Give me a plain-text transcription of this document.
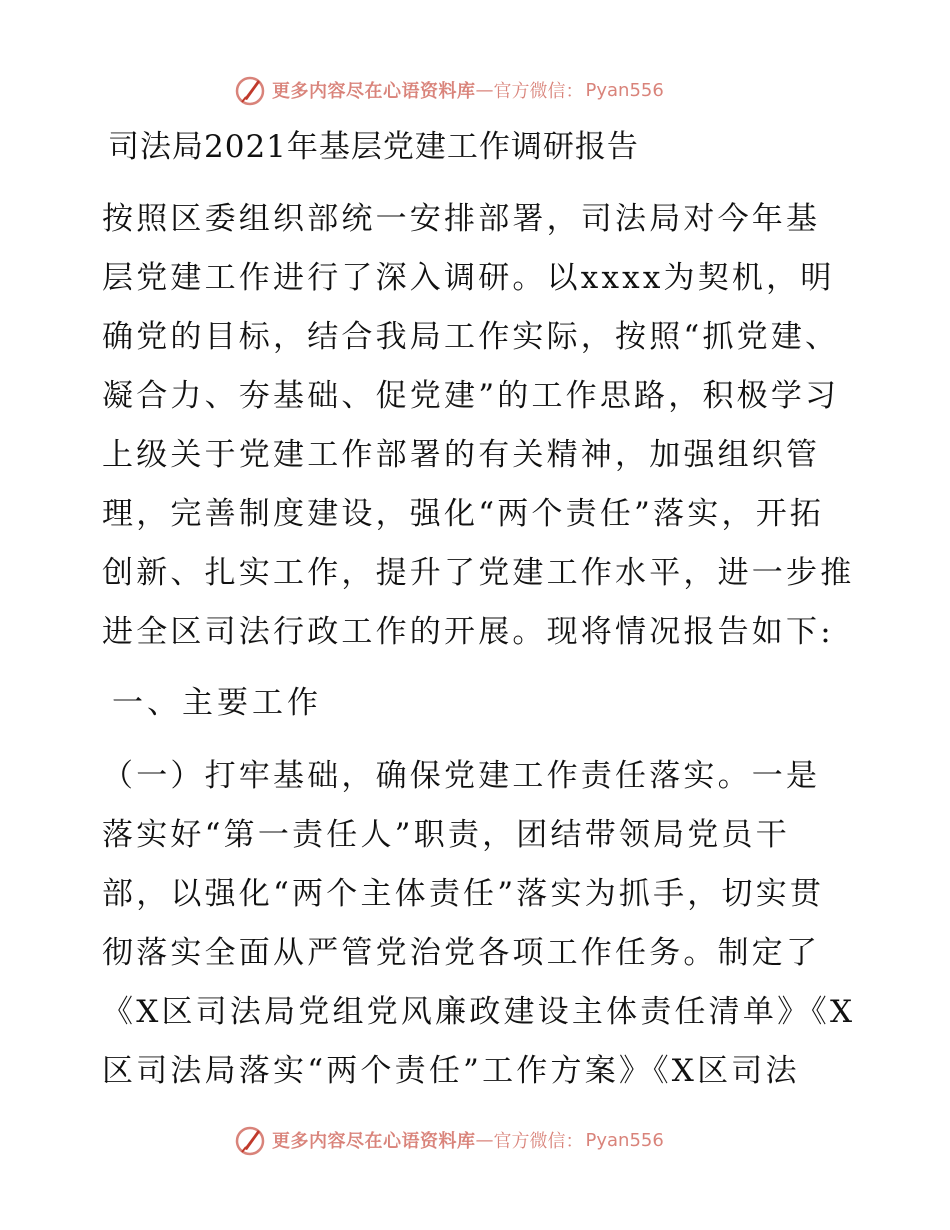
更多内容尽在心语资料库 — 官方微信： Pyan556
司法局2021年基层党建工作调研报告

按照区委组织部统一安排部署，司法局对今年基
层党建工作进行了深入调研。以xxxx为契机，明
确党的目标，结合我局工作实际，按照“抓党建、
凝合力、夯基础、促党建”的工作思路，积极学习
上级关于党建工作部署的有关精神，加强组织管
理，完善制度建设，强化“两个责任”落实，开拓
创新、扎实工作，提升了党建工作水平，进一步推
进全区司法行政工作的开展。现将情况报告如下:

一、主要工作

（一）打牢基础，确保党建工作责任落实。一是
落实好“第一责任人”职责，团结带领局党员干
部，以强化“两个主体责任”落实为抓手，切实贯
彻落实全面从严管党治党各项工作任务。制定了
《X区司法局党组党风廉政建设主体责任清单》《X
区司法局落实“两个责任”工作方案》《X区司法

更多内容尽在心语资料库 — 官方微信： Pyan556
